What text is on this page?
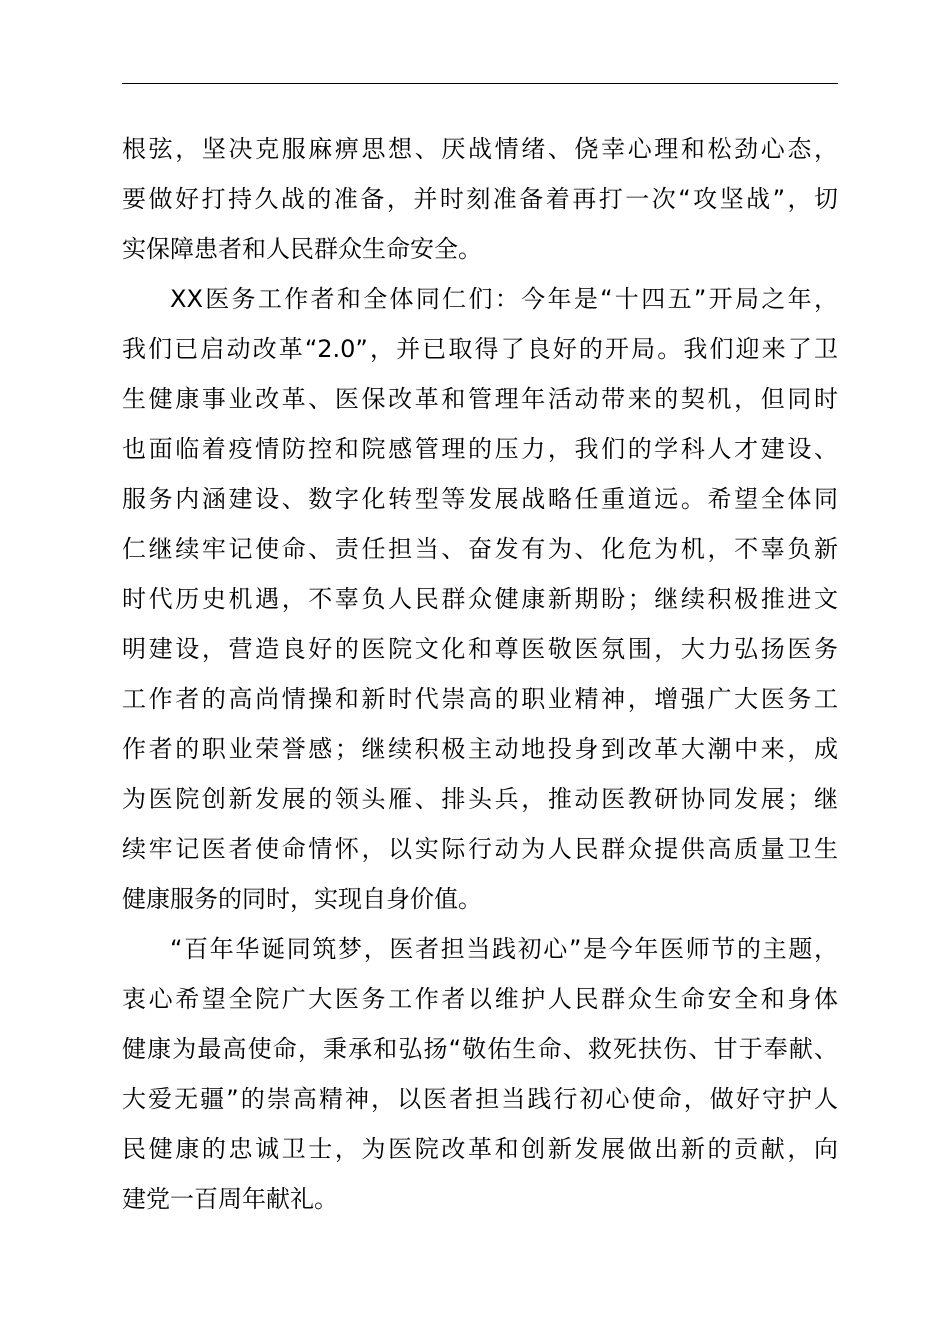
根弦，坚决克服麻痹思想、厌战情绪、侥幸心理和松劲心态，
要做好打持久战的准备，并时刻准备着再打一次“攻坚战”，切
实保障患者和人民群众生命安全。
XX医务工作者和全体同仁们：今年是“十四五”开局之年，
我们已启动改革“2.0”，并已取得了良好的开局。我们迎来了卫
生健康事业改革、医保改革和管理年活动带来的契机，但同时
也面临着疫情防控和院感管理的压力，我们的学科人才建设、
服务内涵建设、数字化转型等发展战略任重道远。希望全体同
仁继续牢记使命、责任担当、奋发有为、化危为机，不辜负新
时代历史机遇，不辜负人民群众健康新期盼；继续积极推进文
明建设，营造良好的医院文化和尊医敬医氛围，大力弘扬医务
工作者的高尚情操和新时代崇高的职业精神，增强广大医务工
作者的职业荣誉感；继续积极主动地投身到改革大潮中来，成
为医院创新发展的领头雁、排头兵，推动医教研协同发展；继
续牢记医者使命情怀，以实际行动为人民群众提供高质量卫生
健康服务的同时，实现自身价值。
“百年华诞同筑梦，医者担当践初心”是今年医师节的主题，
衷心希望全院广大医务工作者以维护人民群众生命安全和身体
健康为最高使命，秉承和弘扬“敬佑生命、救死扶伤、甘于奉献、
大爱无疆”的崇高精神，以医者担当践行初心使命，做好守护人
民健康的忠诚卫士，为医院改革和创新发展做出新的贡献，向
建党一百周年献礼。
